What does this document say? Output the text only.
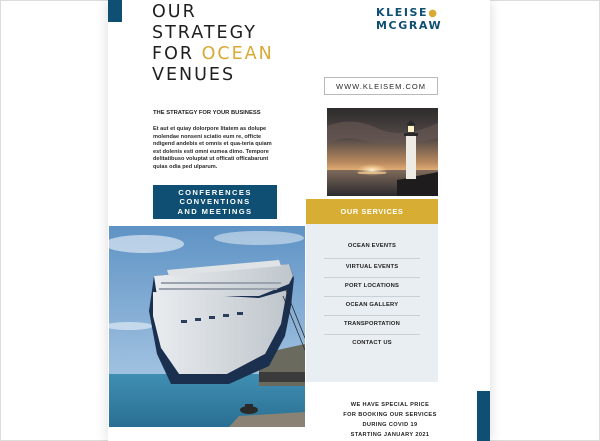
OUR
STRATEGY
FOR OCEAN
VENUES
KLEISE●
MCGRAW
WWW.KLEISEM.COM
THE STRATEGY FOR YOUR BUSINESS
Et aut et quiay dolorpore litatem as dolupe molendae nonseni sciatio eum re, officte ndigend andebis et omnis et qua-teria quiam est dolenis esti omni eumea dimo. Tempore delitatibuso voluptat ut officati officabarunt quias odia ped ulparum.
CONFERENCES
CONVENTIONS
AND MEETINGS	OUR SERVICES
OCEAN EVENTS
VIRTUAL EVENTS
PORT LOCATIONS
OCEAN GALLERY
TRANSPORTATION
CONTACT US
WE HAVE SPECIAL PRICE
FOR BOOKING OUR SERVICES
DURING COVID 19
STARTING JANUARY 2021
